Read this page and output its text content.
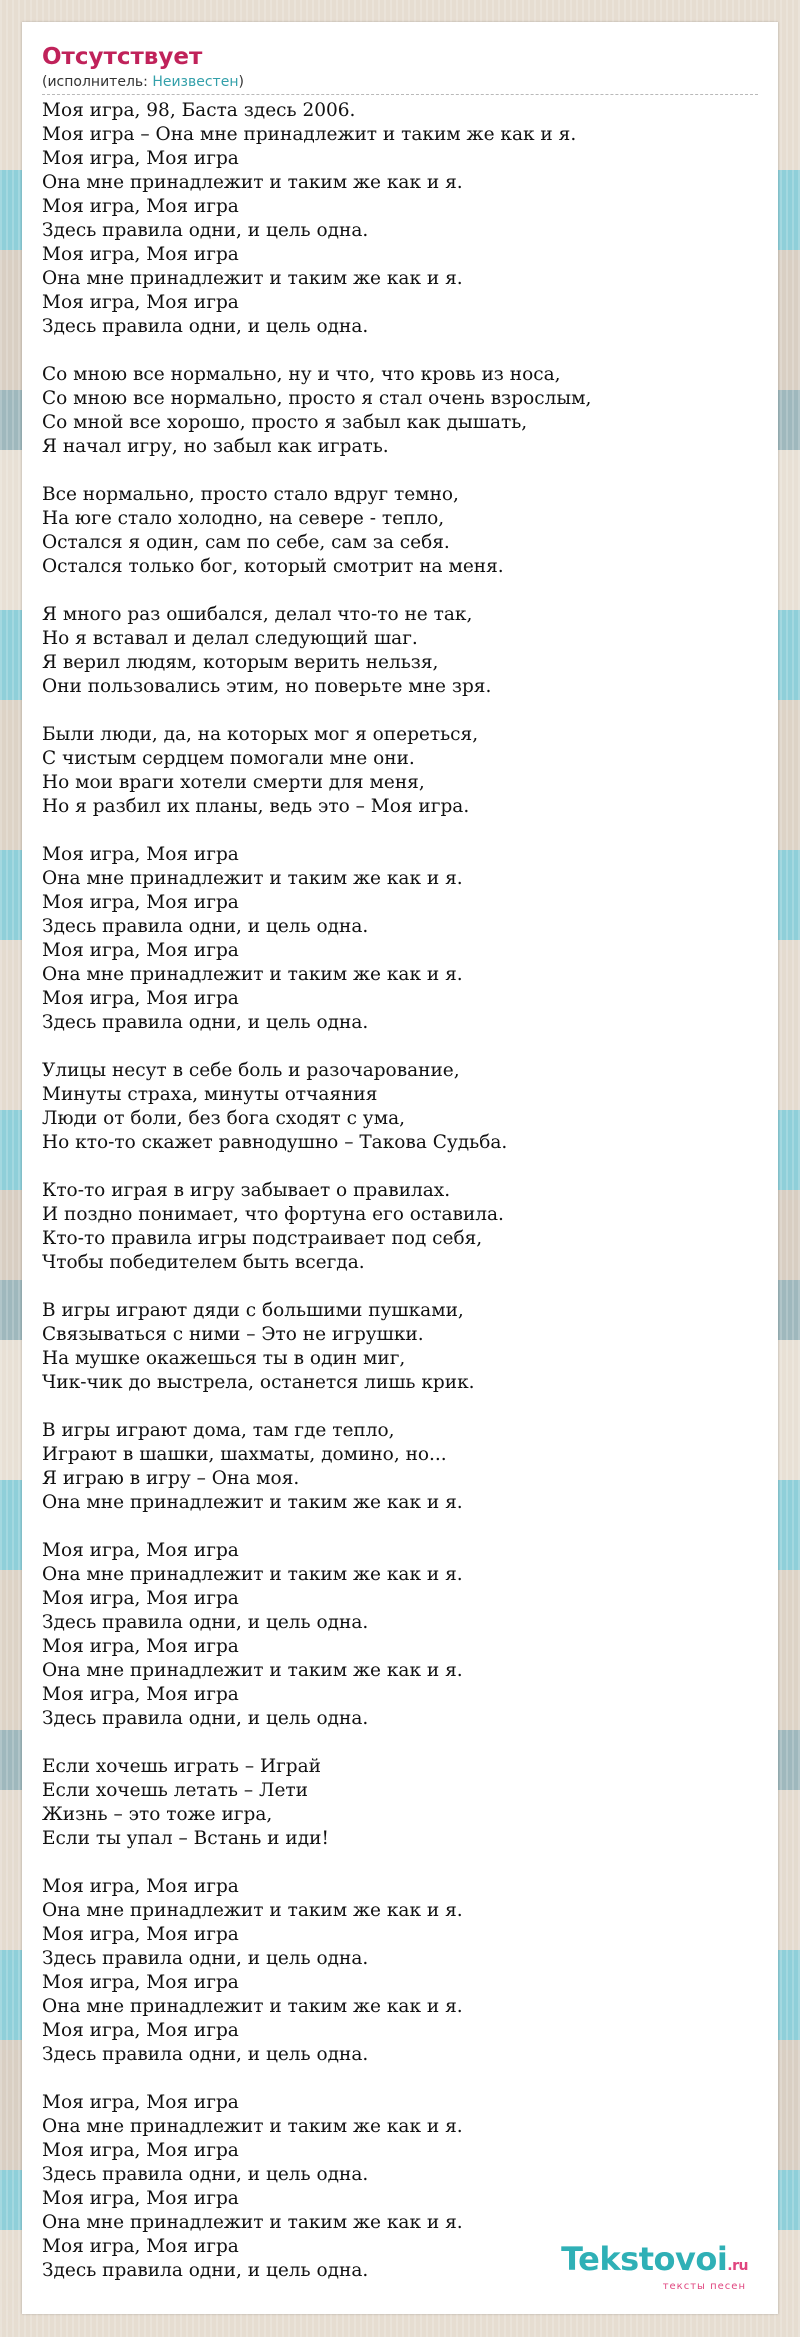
Отсутствует
(исполнитель: Неизвестен)
Моя игра, 98, Баста здесь 2006.
Моя игра – Она мне принадлежит и таким же как и я.
Моя игра, Моя игра
Она мне принадлежит и таким же как и я.
Моя игра, Моя игра
Здесь правила одни, и цель одна.
Моя игра, Моя игра
Она мне принадлежит и таким же как и я.
Моя игра, Моя игра
Здесь правила одни, и цель одна.
Со мною все нормально, ну и что, что кровь из носа,
Со мною все нормально, просто я стал очень взрослым,
Со мной все хорошо, просто я забыл как дышать,
Я начал игру, но забыл как играть.
Все нормально, просто стало вдруг темно,
На юге стало холодно, на севере - тепло,
Остался я один, сам по себе, сам за себя.
Остался только бог, который смотрит на меня.
Я много раз ошибался, делал что-то не так,
Но я вставал и делал следующий шаг.
Я верил людям, которым верить нельзя,
Они пользовались этим, но поверьте мне зря.
Были люди, да, на которых мог я опереться,
С чистым сердцем помогали мне они.
Но мои враги хотели смерти для меня,
Но я разбил их планы, ведь это – Моя игра.
Моя игра, Моя игра
Она мне принадлежит и таким же как и я.
Моя игра, Моя игра
Здесь правила одни, и цель одна.
Моя игра, Моя игра
Она мне принадлежит и таким же как и я.
Моя игра, Моя игра
Здесь правила одни, и цель одна.
Улицы несут в себе боль и разочарование,
Минуты страха, минуты отчаяния
Люди от боли, без бога сходят с ума,
Но кто-то скажет равнодушно – Такова Судьба.
Кто-то играя в игру забывает о правилах.
И поздно понимает, что фортуна его оставила.
Кто-то правила игры подстраивает под себя,
Чтобы победителем быть всегда.
В игры играют дяди с большими пушками,
Связываться с ними – Это не игрушки.
На мушке окажешься ты в один миг,
Чик-чик до выстрела, останется лишь крик.
В игры играют дома, там где тепло,
Играют в шашки, шахматы, домино, но...
Я играю в игру – Она моя.
Она мне принадлежит и таким же как и я.
Моя игра, Моя игра
Она мне принадлежит и таким же как и я.
Моя игра, Моя игра
Здесь правила одни, и цель одна.
Моя игра, Моя игра
Она мне принадлежит и таким же как и я.
Моя игра, Моя игра
Здесь правила одни, и цель одна.
Если хочешь играть – Играй
Если хочешь летать – Лети
Жизнь – это тоже игра,
Если ты упал – Встань и иди!
Моя игра, Моя игра
Она мне принадлежит и таким же как и я.
Моя игра, Моя игра
Здесь правила одни, и цель одна.
Моя игра, Моя игра
Она мне принадлежит и таким же как и я.
Моя игра, Моя игра
Здесь правила одни, и цель одна.
Моя игра, Моя игра
Она мне принадлежит и таким же как и я.
Моя игра, Моя игра
Здесь правила одни, и цель одна.
Моя игра, Моя игра
Она мне принадлежит и таким же как и я.
Моя игра, Моя игра
Здесь правила одни, и цель одна.	Tekstovoi.ru
тексты песен
